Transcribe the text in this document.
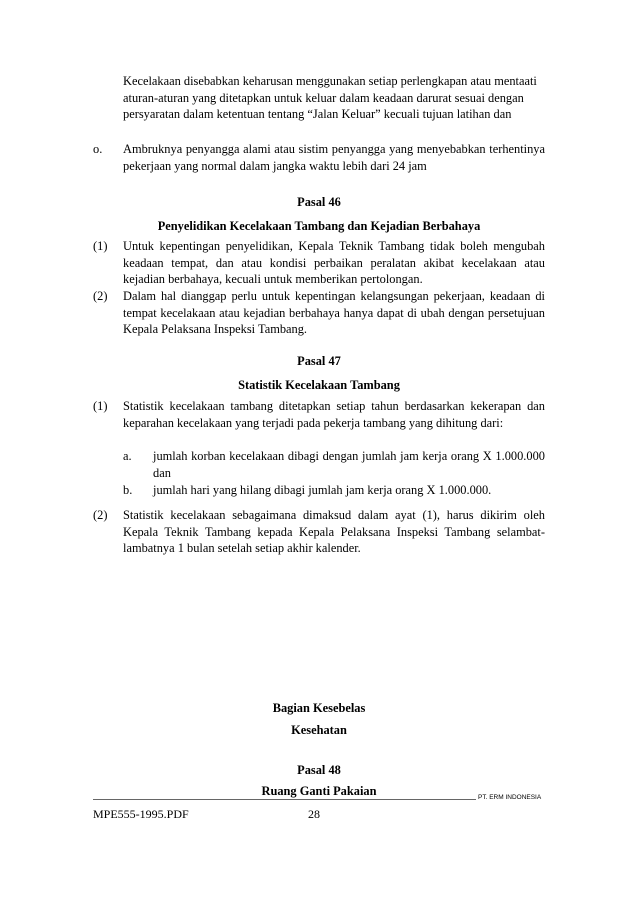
Kecelakaan disebabkan keharusan menggunakan setiap perlengkapan atau mentaati aturan-aturan yang ditetapkan untuk keluar dalam keadaan darurat sesuai dengan persyaratan dalam ketentuan tentang “Jalan Keluar” kecuali tujuan latihan dan
o. Ambruknya penyangga alami atau sistim penyangga yang menyebabkan terhentinya pekerjaan yang normal dalam jangka waktu lebih dari 24 jam
Pasal 46
Penyelidikan Kecelakaan Tambang dan Kejadian Berbahaya
(1) Untuk kepentingan penyelidikan, Kepala Teknik Tambang tidak boleh mengubah keadaan tempat, dan atau kondisi perbaikan peralatan akibat kecelakaan atau kejadian berbahaya, kecuali untuk memberikan pertolongan.
(2) Dalam hal dianggap perlu untuk kepentingan kelangsungan pekerjaan, keadaan di tempat kecelakaan atau kejadian berbahaya hanya dapat di ubah dengan persetujuan Kepala Pelaksana Inspeksi Tambang.
Pasal 47
Statistik Kecelakaan Tambang
(1) Statistik kecelakaan tambang ditetapkan setiap tahun berdasarkan kekerapan dan keparahan kecelakaan yang terjadi pada pekerja tambang yang dihitung dari:
a. jumlah korban kecelakaan dibagi dengan jumlah jam kerja orang X 1.000.000 dan
b. jumlah hari yang hilang dibagi jumlah jam kerja orang X 1.000.000.
(2) Statistik kecelakaan sebagaimana dimaksud dalam ayat (1), harus dikirim oleh Kepala Teknik Tambang kepada Kepala Pelaksana Inspeksi Tambang selambat-lambatnya 1 bulan setelah setiap akhir kalender.
Bagian Kesebelas
Kesehatan
Pasal 48
Ruang Ganti Pakaian	PT. ERM INDONESIA
MPE555-1995.PDF	28
